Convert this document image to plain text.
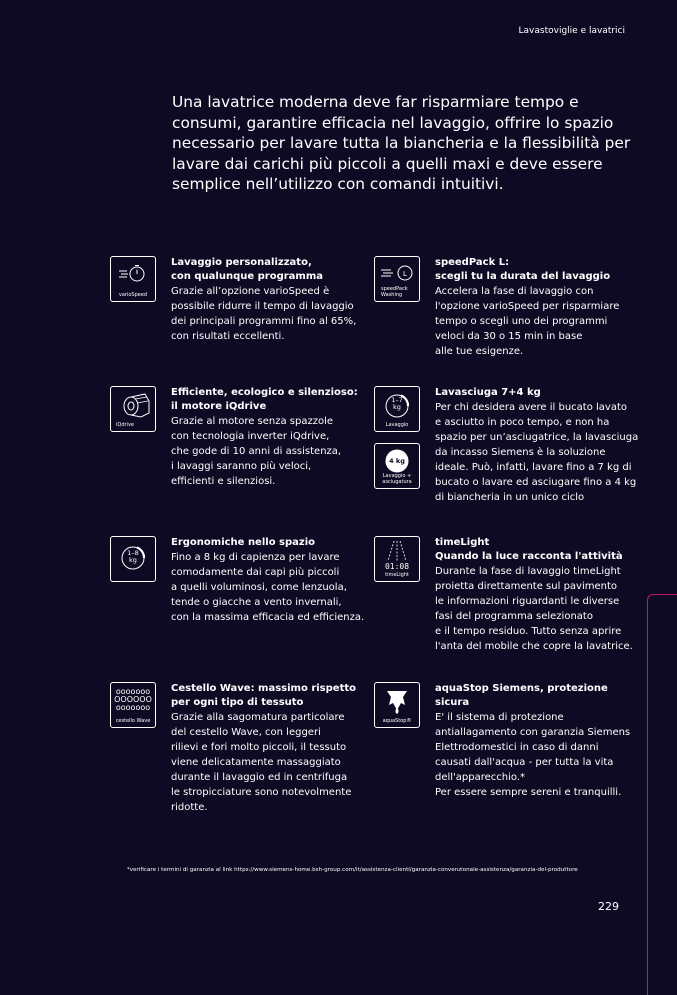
Lavastoviglie e lavatrici

Una lavatrice moderna deve far risparmiare tempo e consumi, garantire efficacia nel lavaggio, offrire lo spazio necessario per lavare tutta la biancheria e la flessibilità per lavare dai carichi più piccoli a quelli maxi e deve essere semplice nell’utilizzo con comandi intuitivi.

varioSpeed
Lavaggio personalizzato,
con qualunque programma
Grazie all’opzione varioSpeed è
possibile ridurre il tempo di lavaggio
dei principali programmi fino al 65%,
con risultati eccellenti.
L
speedPack
Washing
speedPack L:
scegli tu la durata del lavaggio
Accelera la fase di lavaggio con
l'opzione varioSpeed per risparmiare
tempo o scegli uno dei programmi
veloci da 30 o 15 min in base
alle tue esigenze.
iQdrive
Efficiente, ecologico e silenzioso:
il motore iQdrive
Grazie al motore senza spazzole
con tecnologia inverter iQdrive,
che gode di 10 anni di assistenza,
i lavaggi saranno più veloci,
efficienti e silenziosi.
1–7
kg
Lavaggio
4 kg
Lavaggio +
asciugatura
Lavasciuga 7+4 kg
Per chi desidera avere il bucato lavato
e asciutto in poco tempo, e non ha
spazio per un’asciugatrice, la lavasciuga
da incasso Siemens è la soluzione
ideale. Può, infatti, lavare fino a 7 kg di
bucato o lavare ed asciugare fino a 4 kg
di biancheria in un unico ciclo
1–8
kg
Ergonomiche nello spazio
Fino a 8 kg di capienza per lavare
comodamente dai capi più piccoli
a quelli voluminosi, come lenzuola,
tende o giacche a vento invernali,
con la massima efficacia ed efficienza.
01:08
timeLight
timeLight
Quando la luce racconta l'attività
Durante la fase di lavaggio timeLight
proietta direttamente sul pavimento
le informazioni riguardanti le diverse
fasi del programma selezionato
e il tempo residuo. Tutto senza aprire
l'anta del mobile che copre la lavatrice.
ooooooo
OOOOOO
ooooooo
cestello Wave
Cestello Wave: massimo rispetto
per ogni tipo di tessuto
Grazie alla sagomatura particolare
del cestello Wave, con leggeri
rilievi e fori molto piccoli, il tessuto
viene delicatamente massaggiato
durante il lavaggio ed in centrifuga
le stropicciature sono notevolmente
ridotte.
aquaStop®
aquaStop Siemens, protezione sicura
E' il sistema di protezione
antiallagamento con garanzia Siemens
Elettrodomestici in caso di danni
causati dall'acqua - per tutta la vita
dell'apparecchio.*
Per essere sempre sereni e tranquilli.
*verificare i termini di garanzia al link https://www.siemens-home.bsh-group.com/it/assistenza-clienti/garanzia-convenzionale-assistenza/garanzia-del-produttore
229
